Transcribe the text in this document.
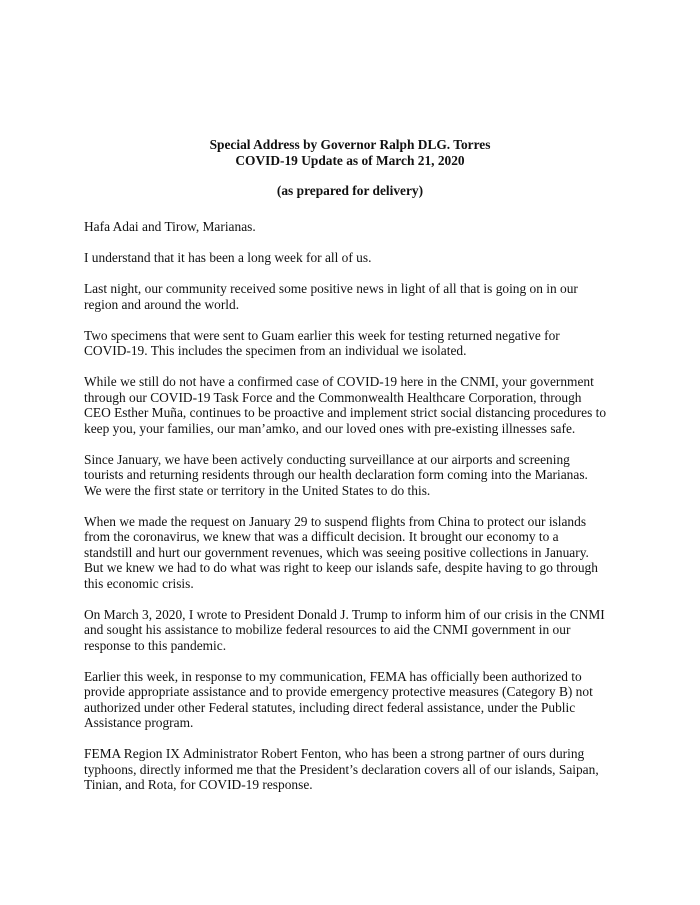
Special Address by Governor Ralph DLG. Torres
COVID-19 Update as of March 21, 2020
(as prepared for delivery)

Hafa Adai and Tirow, Marianas.

I understand that it has been a long week for all of us.

Last night, our community received some positive news in light of all that is going on in our
region and around the world.

Two specimens that were sent to Guam earlier this week for testing returned negative for
COVID-19. This includes the specimen from an individual we isolated.

While we still do not have a confirmed case of COVID-19 here in the CNMI, your government
through our COVID-19 Task Force and the Commonwealth Healthcare Corporation, through
CEO Esther Muña, continues to be proactive and implement strict social distancing procedures to
keep you, your families, our man’amko, and our loved ones with pre-existing illnesses safe.

Since January, we have been actively conducting surveillance at our airports and screening
tourists and returning residents through our health declaration form coming into the Marianas.
We were the first state or territory in the United States to do this.

When we made the request on January 29 to suspend flights from China to protect our islands
from the coronavirus, we knew that was a difficult decision. It brought our economy to a
standstill and hurt our government revenues, which was seeing positive collections in January.
But we knew we had to do what was right to keep our islands safe, despite having to go through
this economic crisis.

On March 3, 2020, I wrote to President Donald J. Trump to inform him of our crisis in the CNMI
and sought his assistance to mobilize federal resources to aid the CNMI government in our
response to this pandemic.

Earlier this week, in response to my communication, FEMA has officially been authorized to
provide appropriate assistance and to provide emergency protective measures (Category B) not
authorized under other Federal statutes, including direct federal assistance, under the Public
Assistance program.

FEMA Region IX Administrator Robert Fenton, who has been a strong partner of ours during
typhoons, directly informed me that the President’s declaration covers all of our islands, Saipan,
Tinian, and Rota, for COVID-19 response.
